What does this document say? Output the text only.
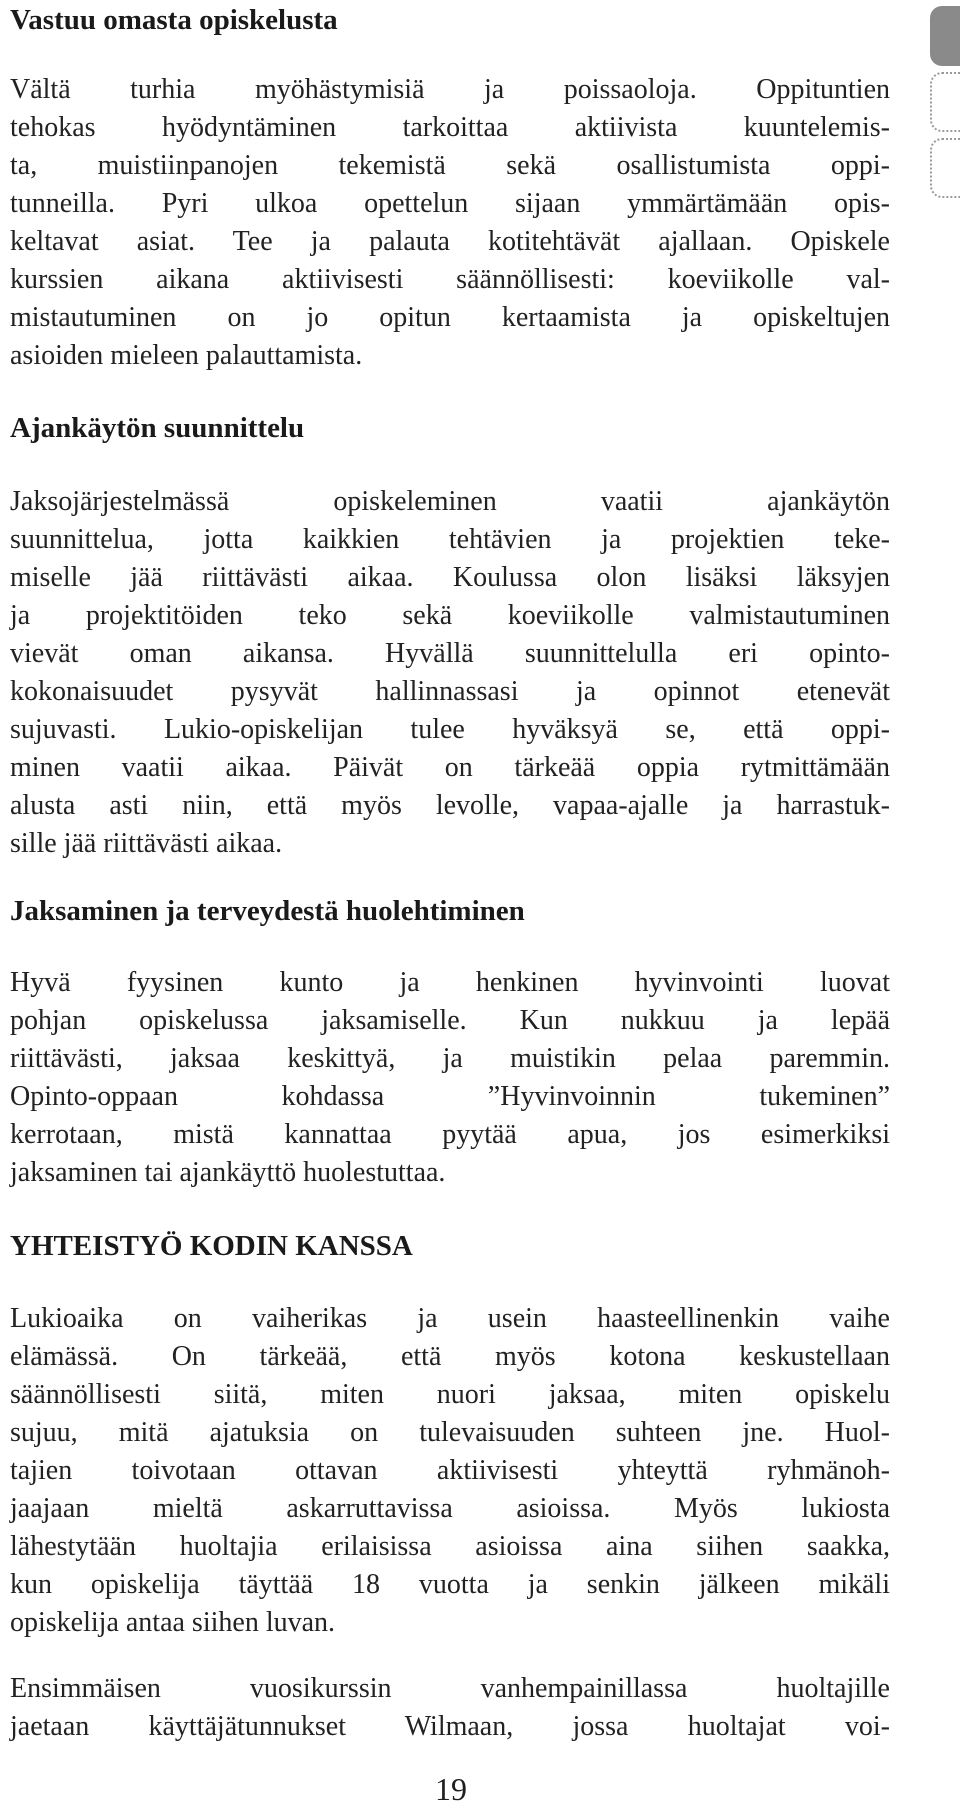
Vastuu omasta opiskelusta
Vältä turhia myöhästymisiä ja poissaoloja. Oppituntien
tehokas hyödyntäminen tarkoittaa aktiivista kuuntelemis-
ta, muistiinpanojen tekemistä sekä osallistumista oppi-
tunneilla. Pyri ulkoa opettelun sijaan ymmärtämään opis-
keltavat asiat. Tee ja palauta kotitehtävät ajallaan. Opiskele
kurssien aikana aktiivisesti säännöllisesti: koeviikolle val-
mistautuminen on jo opitun kertaamista ja opiskeltujen
asioiden mieleen palauttamista.
Ajankäytön suunnittelu
Jaksojärjestelmässä opiskeleminen vaatii ajankäytön
suunnittelua, jotta kaikkien tehtävien ja projektien teke-
miselle jää riittävästi aikaa. Koulussa olon lisäksi läksyjen
ja projektitöiden teko sekä koeviikolle valmistautuminen
vievät oman aikansa. Hyvällä suunnittelulla eri opinto-
kokonaisuudet pysyvät hallinnassasi ja opinnot etenevät
sujuvasti. Lukio-opiskelijan tulee hyväksyä se, että oppi-
minen vaatii aikaa. Päivät on tärkeää oppia rytmittämään
alusta asti niin, että myös levolle, vapaa-ajalle ja harrastuk-
sille jää riittävästi aikaa.
Jaksaminen ja terveydestä huolehtiminen
Hyvä fyysinen kunto ja henkinen hyvinvointi luovat
pohjan opiskelussa jaksamiselle. Kun nukkuu ja lepää
riittävästi, jaksaa keskittyä, ja muistikin pelaa paremmin.
Opinto-oppaan kohdassa ”Hyvinvoinnin tukeminen”
kerrotaan, mistä kannattaa pyytää apua, jos esimerkiksi
jaksaminen tai ajankäyttö huolestuttaa.
YHTEISTYÖ KODIN KANSSA
Lukioaika on vaiherikas ja usein haasteellinenkin vaihe
elämässä. On tärkeää, että myös kotona keskustellaan
säännöllisesti siitä, miten nuori jaksaa, miten opiskelu
sujuu, mitä ajatuksia on tulevaisuuden suhteen jne. Huol-
tajien toivotaan ottavan aktiivisesti yhteyttä ryhmänoh-
jaajaan mieltä askarruttavissa asioissa. Myös lukiosta
lähestytään huoltajia erilaisissa asioissa aina siihen saakka,
kun opiskelija täyttää 18 vuotta ja senkin jälkeen mikäli
opiskelija antaa siihen luvan.
Ensimmäisen vuosikurssin vanhempainillassa huoltajille
jaetaan käyttäjätunnukset Wilmaan, jossa huoltajat voi-
19
